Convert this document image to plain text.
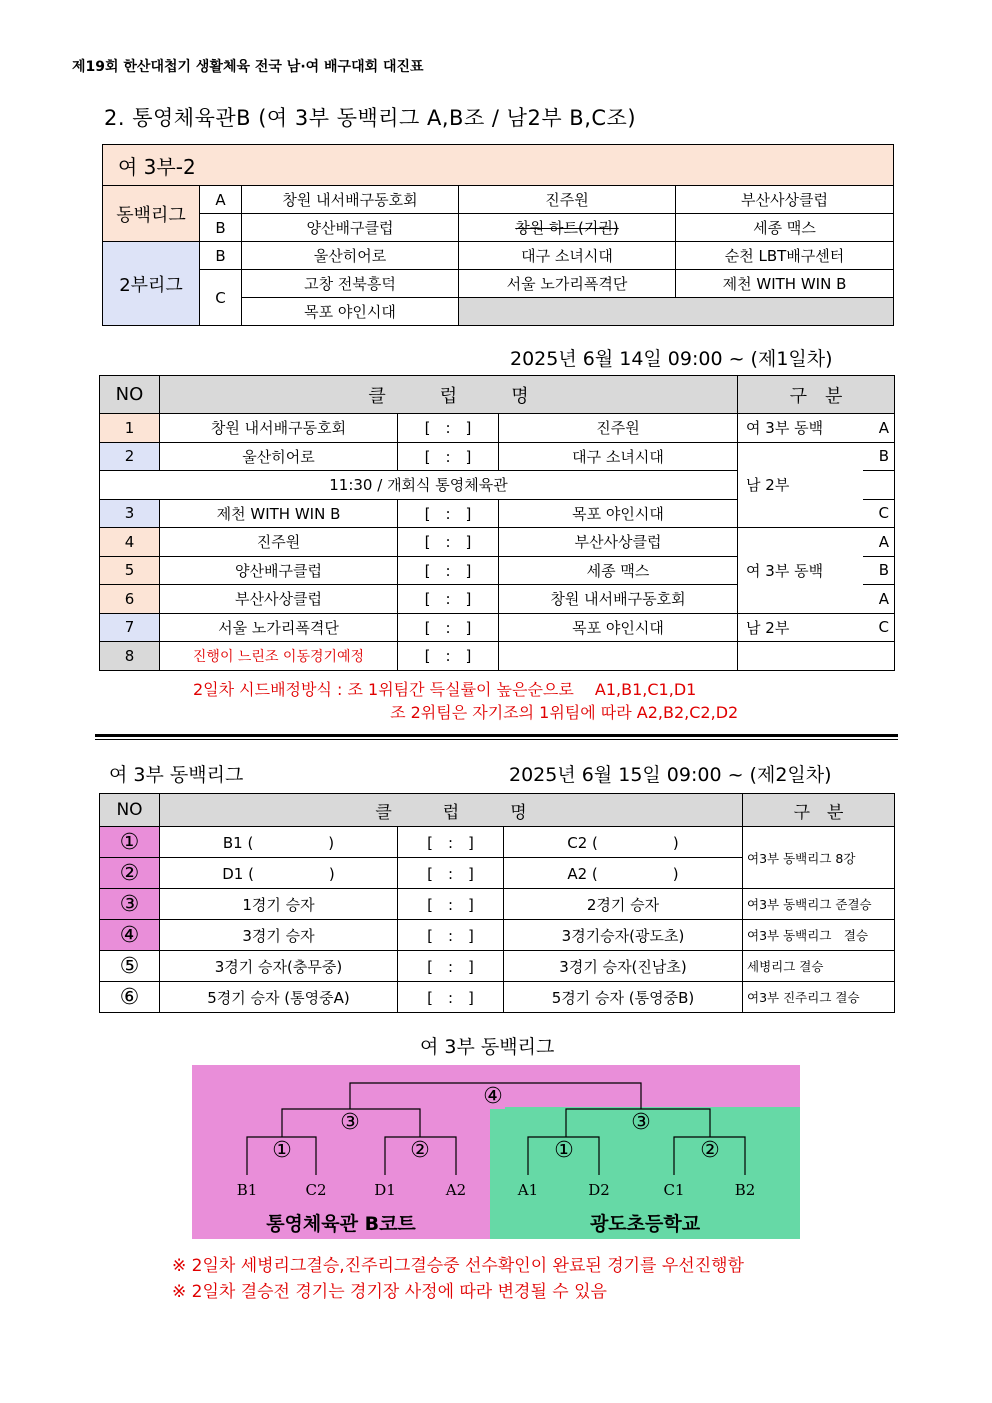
제19회 한산대첩기 생활체육 전국 남·여 배구대회 대진표
2. 통영체육관B (여 3부 동백리그 A,B조 / 남2부 B,C조)
여 3부-2				
동백리그	A	창원 내서배구동호회	진주원	부산사상클럽
	B	양산배구클럽	창원 하트(기권)	세종 맥스
2부리그	B	울산히어로	대구 소녀시대	순천 LBT배구센터
	C	고창 전북흥덕	서울 노가리폭격단	제천 WITH WIN B
		목포 야인시대		
2025년 6월 14일 09:00 ~ (제1일차)
NO	클　　　럽　　　명			구　분	
1	창원 내서배구동호회	[　:　]	진주원	여 3부 동백	A
2	울산히어로	[　:　]	대구 소녀시대	남 2부	B
11:30 / 개회식 통영체육관					
3	제천 WITH WIN B	[　:　]	목포 야인시대		C
4	진주원	[　:　]	부산사상클럽	여 3부 동백	A
5	양산배구클럽	[　:　]	세종 맥스		B
6	부산사상클럽	[　:　]	창원 내서배구동호회		A
7	서울 노가리폭격단	[　:　]	목포 야인시대	남 2부	C
8	진행이 느린조 이동경기예정	[　:　]			
2일차 시드배정방식 : 조 1위팀간 득실률이 높은순으로　 A1,B1,C1,D1
　　　　　　　　　　　　 조 2위팀은 자기조의 1위팀에 따라 A2,B2,C2,D2
여 3부 동백리그	2025년 6월 15일 09:00 ~ (제2일차)
NO	클　　　럽　　　명			구　분
①	B1 (　　　　　)	[　:　]	C2 (　　　　　)	여3부 동백리그 8강
②	D1 (　　　　　)	[　:　]	A2 (　　　　　)	
③	1경기 승자	[　:　]	2경기 승자	여3부 동백리그 준결승
④	3경기 승자	[　:　]	3경기승자(광도초)	여3부 동백리그　결승
⑤	3경기 승자(충무중)	[　:　]	3경기 승자(진남초)	세병리그 결승
⑥	5경기 승자 (통영중A)	[　:　]	5경기 승자 (통영중B)	여3부 진주리그 결승
여 3부 동백리그
④
③
①	②
③
①	②
B1	C2	D1	A2	A1	D2	C1	B2
통영체육관 B코트	광도초등학교
※ 2일차 세병리그결승,진주리그결승중 선수확인이 완료된 경기를 우선진행함
※ 2일차 결승전 경기는 경기장 사정에 따라 변경될 수 있음
